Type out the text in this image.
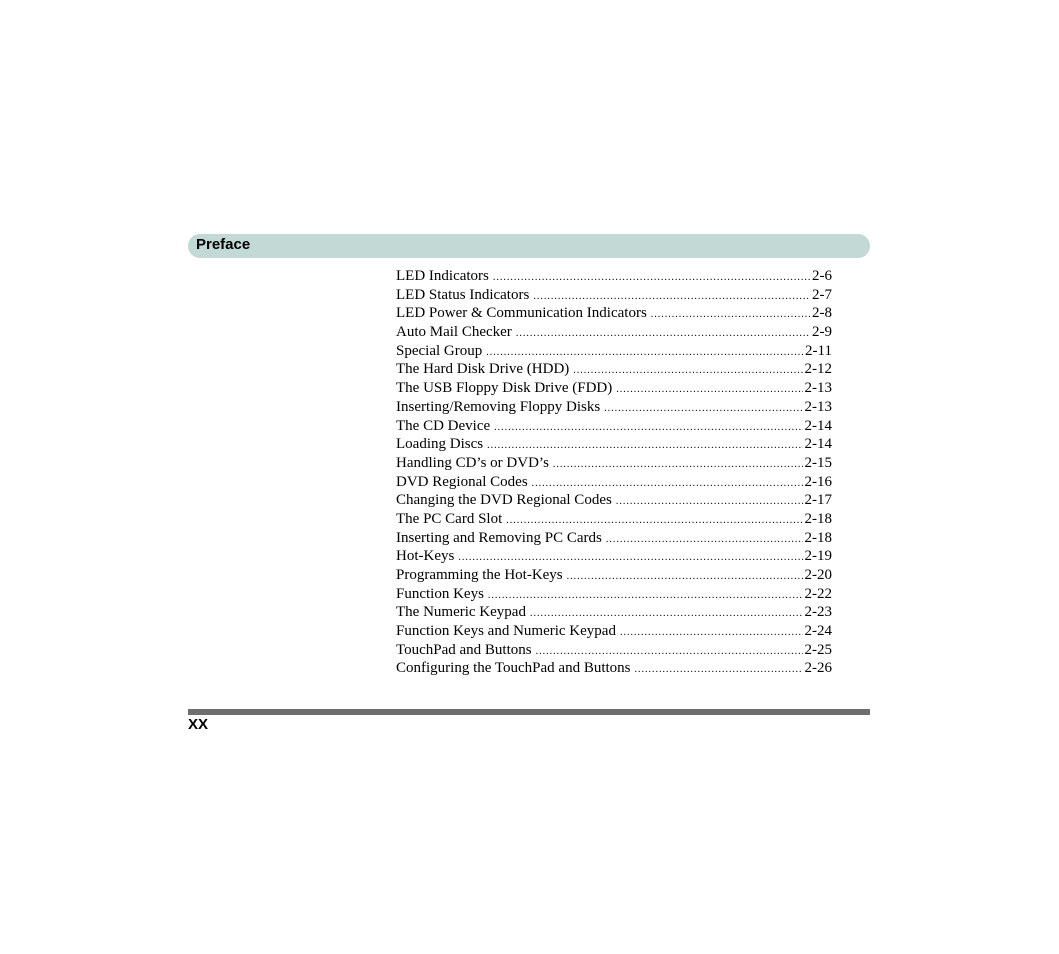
Preface
LED Indicators .....	2-6
LED Status Indicators .....	2-7
LED Power & Communication Indicators .....	2-8
Auto Mail Checker .....	2-9
Special Group .....	2-11
The Hard Disk Drive (HDD) .....	2-12
The USB Floppy Disk Drive (FDD) .....	2-13
Inserting/Removing Floppy Disks .....	2-13
The CD Device .....	2-14
Loading Discs .....	2-14
Handling CD’s or DVD’s .....	2-15
DVD Regional Codes .....	2-16
Changing the DVD Regional Codes .....	2-17
The PC Card Slot .....	2-18
Inserting and Removing PC Cards .....	2-18
Hot-Keys .....	2-19
Programming the Hot-Keys .....	2-20
Function Keys .....	2-22
The Numeric Keypad .....	2-23
Function Keys and Numeric Keypad .....	2-24
TouchPad and Buttons .....	2-25
Configuring the TouchPad and Buttons .....	2-26
XX
